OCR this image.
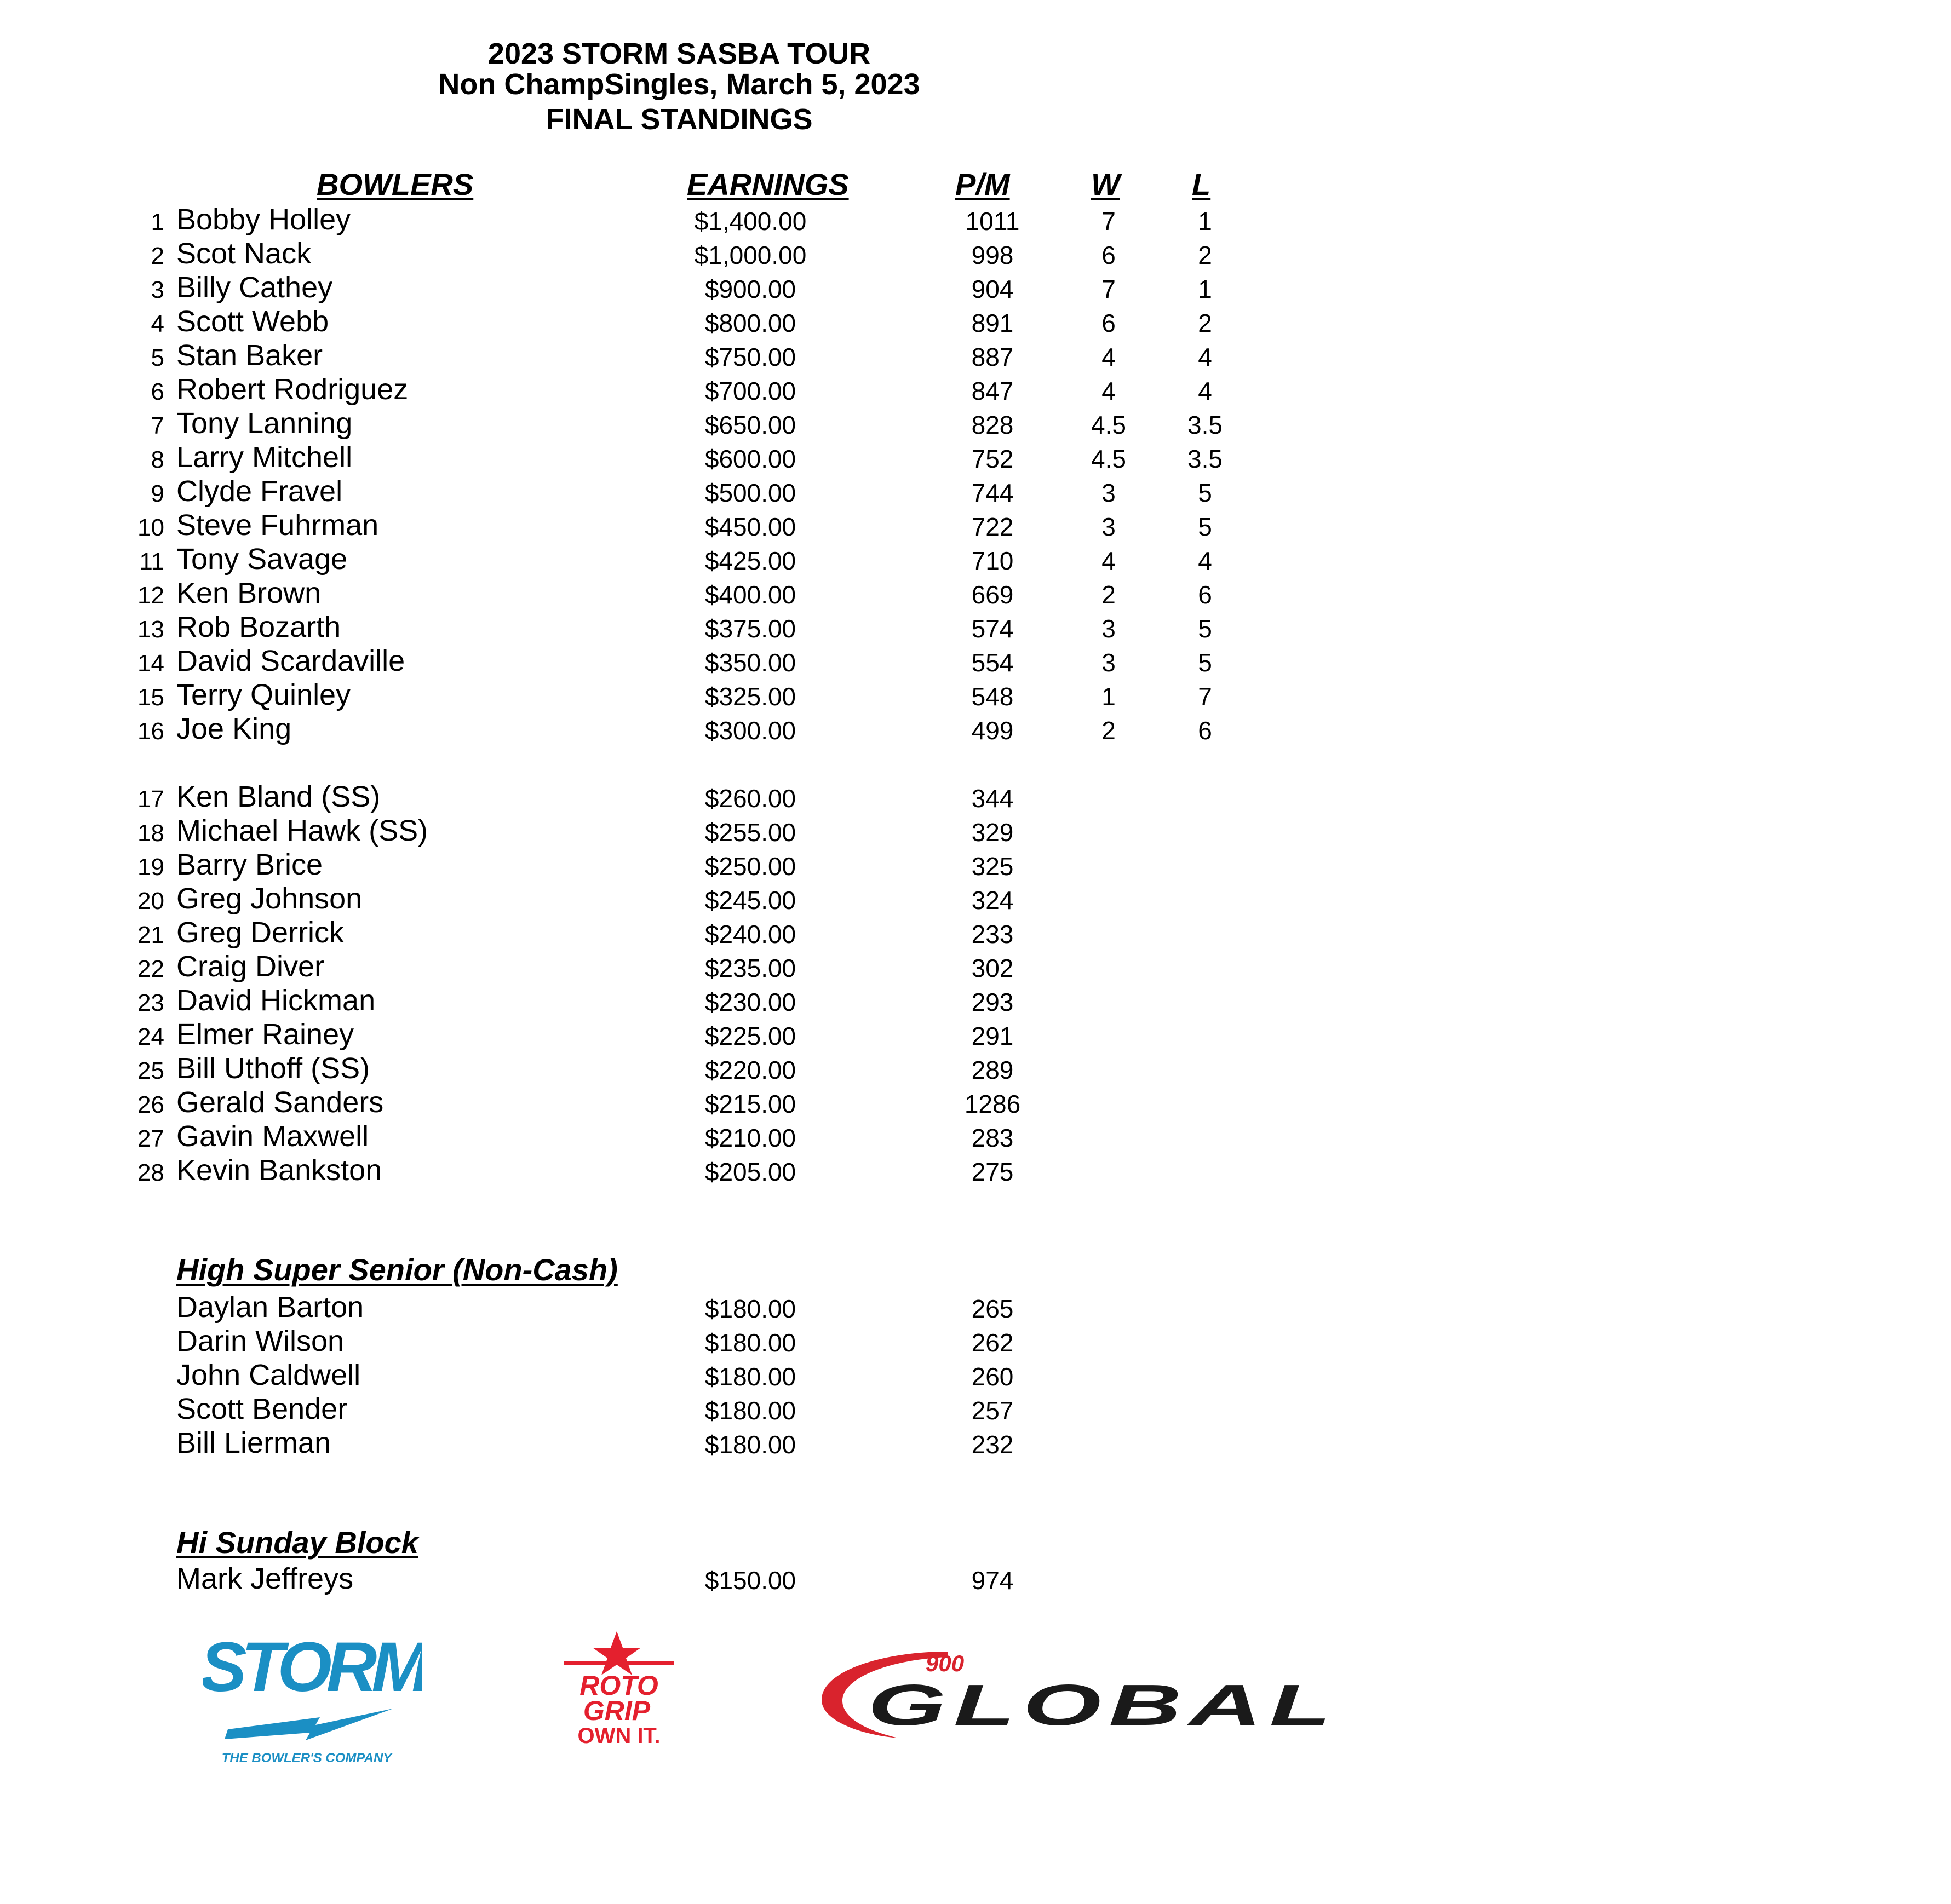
2023 STORM SASBA TOUR
Non ChampSingles, March 5, 2023
FINAL STANDINGS
BOWLERS	EARNINGS	P/M	W L
1 Bobby Holley	$1,400.00	1011	7	1
2 Scot Nack	$1,000.00	998	6	2
3 Billy Cathey	$900.00	904	7	1
4 Scott Webb	$800.00	891	6	2
5 Stan Baker	$750.00	887	4	4
6 Robert Rodriguez	$700.00	847	4	4
7 Tony Lanning	$650.00	828	4.5	3.5
8 Larry Mitchell	$600.00	752	4.5	3.5
9 Clyde Fravel	$500.00	744	3	5
10 Steve Fuhrman	$450.00	722	3	5
11 Tony Savage	$425.00	710	4	4
12 Ken Brown	$400.00	669	2	6
13 Rob Bozarth	$375.00	574	3	5
14 David Scardaville	$350.00	554	3	5
15 Terry Quinley	$325.00	548	1	7
16 Joe King	$300.00	499	2	6
17 Ken Bland (SS)	$260.00	344
18 Michael Hawk (SS)	$255.00	329
19 Barry Brice	$250.00	325
20 Greg Johnson	$245.00	324
21 Greg Derrick	$240.00	233
22 Craig Diver	$235.00	302
23 David Hickman	$230.00	293
24 Elmer Rainey	$225.00	291
25 Bill Uthoff (SS)	$220.00	289
26 Gerald Sanders	$215.00	1286
27 Gavin Maxwell	$210.00	283
28 Kevin Bankston	$205.00	275
High Super Senior (Non-Cash)
Daylan Barton	$180.00	265
Darin Wilson	$180.00	262
John Caldwell	$180.00	260
Scott Bender	$180.00	257
Bill Lierman	$180.00	232
Hi Sunday Block
Mark Jeffreys	$150.00	974
STORM
THE BOWLER'S COMPANY
ROTO
GRIP
OWN IT.
900
GLOBAL
